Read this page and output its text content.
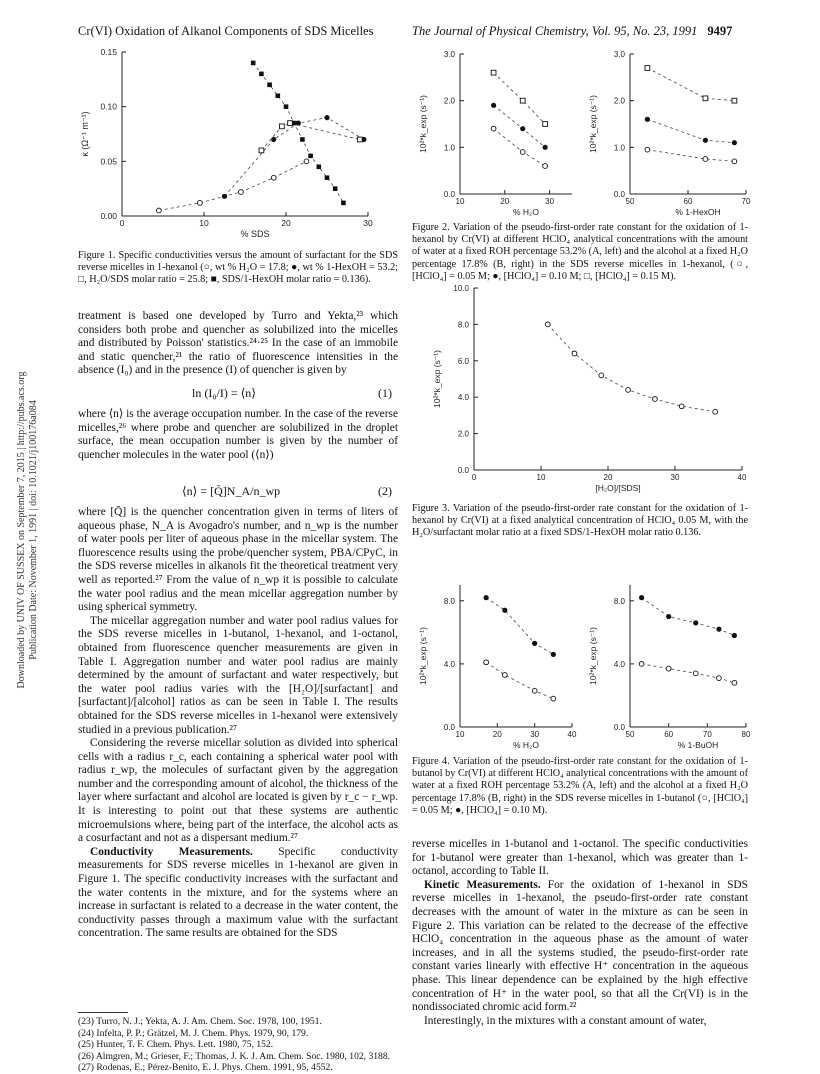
Cr(VI) Oxidation of Alkanol Components of SDS Micelles	The Journal of Physical Chemistry, Vol. 95, No. 23, 1991 9497
Downloaded by UNIV OF SUSSEX on September 7, 2015 | http://pubs.acs.org Publication Date: November 1, 1991 | doi: 10.1021/j100176a084
0	10	20	30
0.00
0.05
0.10
0.15
% SDS
κ (Ω⁻¹ m⁻¹)
Figure 1. Specific conductivities versus the amount of surfactant for the SDS reverse micelles in 1-hexanol (○, wt % H₂O = 17.8; ●, wt % 1-HexOH = 53.2; □, H₂O/SDS molar ratio = 25.8; ■, SDS/1-HexOH molar ratio = 0.136).

treatment is based one developed by Turro and Yekta,²³ which considers both probe and quencher as solubilized into the micelles and distributed by Poisson' statistics.²⁴·²⁵ In the case of an immobile and static quencher,²¹ the ratio of fluorescence intensities in the absence (I₀) and in the presence (I) of quencher is given by

ln (I₀/I) = ⟨n⟩	(1)

where ⟨n⟩ is the average occupation number. In the case of the reverse micelles,²⁶ where probe and quencher are solubilized in the droplet surface, the mean occupation number is given by the number of quencher molecules in the water pool (⟨n⟩)

⟨n⟩ = [Q̄]N_A/n_wp	(2)

where [Q̄] is the quencher concentration given in terms of liters of aqueous phase, N_A is Avogadro's number, and n_wp is the number of water pools per liter of aqueous phase in the micellar system. The fluorescence results using the probe/quencher system, PBA/CPyC, in the SDS reverse micelles in alkanols fit the theoretical treatment very well as reported.²⁷ From the value of n_wp it is possible to calculate the water pool radius and the mean micellar aggregation number by using spherical symmetry.

The micellar aggregation number and water pool radius values for the SDS reverse micelles in 1-butanol, 1-hexanol, and 1-octanol, obtained from fluorescence quencher measurements are given in Table I. Aggregation number and water pool radius are mainly determined by the amount of surfactant and water respectively, but the water pool radius varies with the [H₂O]/[surfactant] and [surfactant]/[alcohol] ratios as can be seen in Table I. The results obtained for the SDS reverse micelles in 1-hexanol were extensively studied in a previous publication.²⁷

Considering the reverse micellar solution as divided into spherical cells with a radius r_c, each containing a spherical water pool with radius r_wp, the molecules of surfactant given by the aggregation number and the corresponding amount of alcohol, the thickness of the layer where surfactant and alcohol are located is given by r_c − r_wp. It is interesting to point out that these systems are authentic microemulsions where, being part of the interface, the alcohol acts as a cosurfactant and not as a dispersant medium.²⁷

Conductivity Measurements. Specific conductivity measurements for SDS reverse micelles in 1-hexanol are given in Figure 1. The specific conductivity increases with the surfactant and the water contents in the mixture, and for the systems where an increase in surfactant is related to a decrease in the water content, the conductivity passes through a maximum value with the surfactant concentration. The same results are obtained for the SDS

(23) Turro, N. J.; Yekta, A. J. Am. Chem. Soc. 1978, 100, 1951.
(24) Infelta, P. P.; Grätzel, M. J. Chem. Phys. 1979, 90, 179.
(25) Hunter, T. F. Chem. Phys. Lett. 1980, 75, 152.
(26) Almgren, M.; Grieser, F.; Thomas, J. K. J. Am. Chem. Soc. 1980, 102, 3188.
(27) Rodenas, E.; Pérez-Benito, E. J. Phys. Chem. 1991, 95, 4552.
10	20	30
0.0
1.0
2.0
3.0
% H₂O
10²*k_exp (s⁻¹)
50	60	70
0.0
1.0
2.0
3.0
% 1-HexOH
10²*k_exp (s⁻¹)
Figure 2. Variation of the pseudo-first-order rate constant for the oxidation of 1-hexanol by Cr(VI) at different HClO₄ analytical concentrations with the amount of water at a fixed ROH percentage 53.2% (A, left) and the alcohol at a fixed H₂O percentage 17.8% (B, right) in the SDS reverse micelles in 1-hexanol, (○, [HClO₄] = 0.05 M; ●, [HClO₄] = 0.10 M; □, [HClO₄] = 0.15 M).
0	10	20	30	40
0.0
2.0
4.0
6.0
8.0
10.0
[H₂O]/[SDS]
10²*k_exp (s⁻¹)
Figure 3. Variation of the pseudo-first-order rate constant for the oxidation of 1-hexanol by Cr(VI) at a fixed analytical concentration of HClO₄ 0.05 M, with the H₂O/surfactant molar ratio at a fixed SDS/1-HexOH molar ratio 0.136.
10	20	30	40
0.0
4.0
8.0
% H₂O
10²*k_exp (s⁻¹)
50	60	70	80
0.0
4.0
8.0
% 1-BuOH
10²*k_exp (s⁻¹)
Figure 4. Variation of the pseudo-first-order rate constant for the oxidation of 1-butanol by Cr(VI) at different HClO₄ analytical concentrations with the amount of water at a fixed ROH percentage 53.2% (A, left) and the alcohol at a fixed H₂O percentage 17.8% (B, right) in the SDS reverse micelles in 1-butanol (○, [HClO₄] = 0.05 M; ●, [HClO₄] = 0.10 M).

reverse micelles in 1-butanol and 1-octanol. The specific conductivities for 1-butanol were greater than 1-hexanol, which was greater than 1-octanol, according to Table II.

Kinetic Measurements. For the oxidation of 1-hexanol in SDS reverse micelles in 1-hexanol, the pseudo-first-order rate constant decreases with the amount of water in the mixture as can be seen in Figure 2. This variation can be related to the decrease of the effective HClO₄ concentration in the aqueous phase as the amount of water increases, and in all the systems studied, the pseudo-first-order rate constant varies linearly with effective H⁺ concentration in the aqueous phase. This linear dependence can be explained by the high effective concentration of H⁺ in the water pool, so that all the Cr(VI) is in the nondissociated chromic acid form.²²

Interestingly, in the mixtures with a constant amount of water,
